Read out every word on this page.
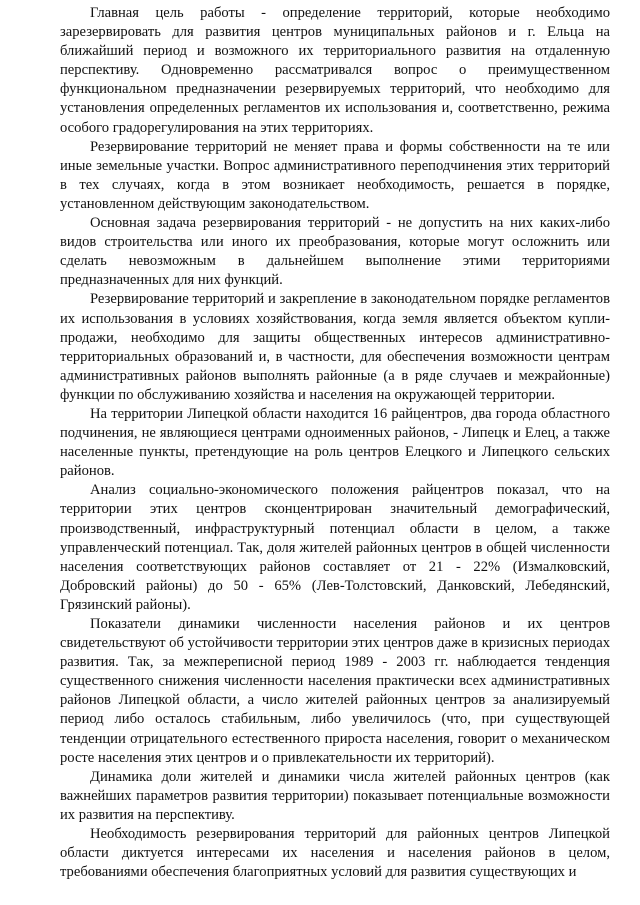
Главная цель работы - определение территорий, которые необходимо зарезервировать для развития центров муниципальных районов и г. Ельца на ближайший период и возможного их территориального развития на отдаленную перспективу. Одновременно рассматривался вопрос о преимущественном функциональном предназначении резервируемых территорий, что необходимо для установления определенных регламентов их использования и, соответственно, режима особого градорегулирования на этих территориях.

Резервирование территорий не меняет права и формы собственности на те или иные земельные участки. Вопрос административного переподчинения этих территорий в тех случаях, когда в этом возникает необходимость, решается в порядке, установленном действующим законодательством.

Основная задача резервирования территорий - не допустить на них каких-либо видов строительства или иного их преобразования, которые могут осложнить или сделать невозможным в дальнейшем выполнение этими территориями предназначенных для них функций.

Резервирование территорий и закрепление в законодательном порядке регламентов их использования в условиях хозяйствования, когда земля является объектом купли-продажи, необходимо для защиты общественных интересов административно-территориальных образований и, в частности, для обеспечения возможности центрам административных районов выполнять районные (а в ряде случаев и межрайонные) функции по обслуживанию хозяйства и населения на окружающей территории.

На территории Липецкой области находится 16 райцентров, два города областного подчинения, не являющиеся центрами одноименных районов, - Липецк и Елец, а также населенные пункты, претендующие на роль центров Елецкого и Липецкого сельских районов.

Анализ социально-экономического положения райцентров показал, что на территории этих центров сконцентрирован значительный демографический, производственный, инфраструктурный потенциал области в целом, а также управленческий потенциал. Так, доля жителей районных центров в общей численности населения соответствующих районов составляет от 21 - 22% (Измалковский, Добровский районы) до 50 - 65% (Лев-Толстовский, Данковский, Лебедянский, Грязинский районы).

Показатели динамики численности населения районов и их центров свидетельствуют об устойчивости территории этих центров даже в кризисных периодах развития. Так, за межпереписной период 1989 - 2003 гг. наблюдается тенденция существенного снижения численности населения практически всех административных районов Липецкой области, а число жителей районных центров за анализируемый период либо осталось стабильным, либо увеличилось (что, при существующей тенденции отрицательного естественного прироста населения, говорит о механическом росте населения этих центров и о привлекательности их территорий).

Динамика доли жителей и динамики числа жителей районных центров (как важнейших параметров развития территории) показывает потенциальные возможности их развития на перспективу.

Необходимость резервирования территорий для районных центров Липецкой области диктуется интересами их населения и населения районов в целом, требованиями обеспечения благоприятных условий для развития существующих и
